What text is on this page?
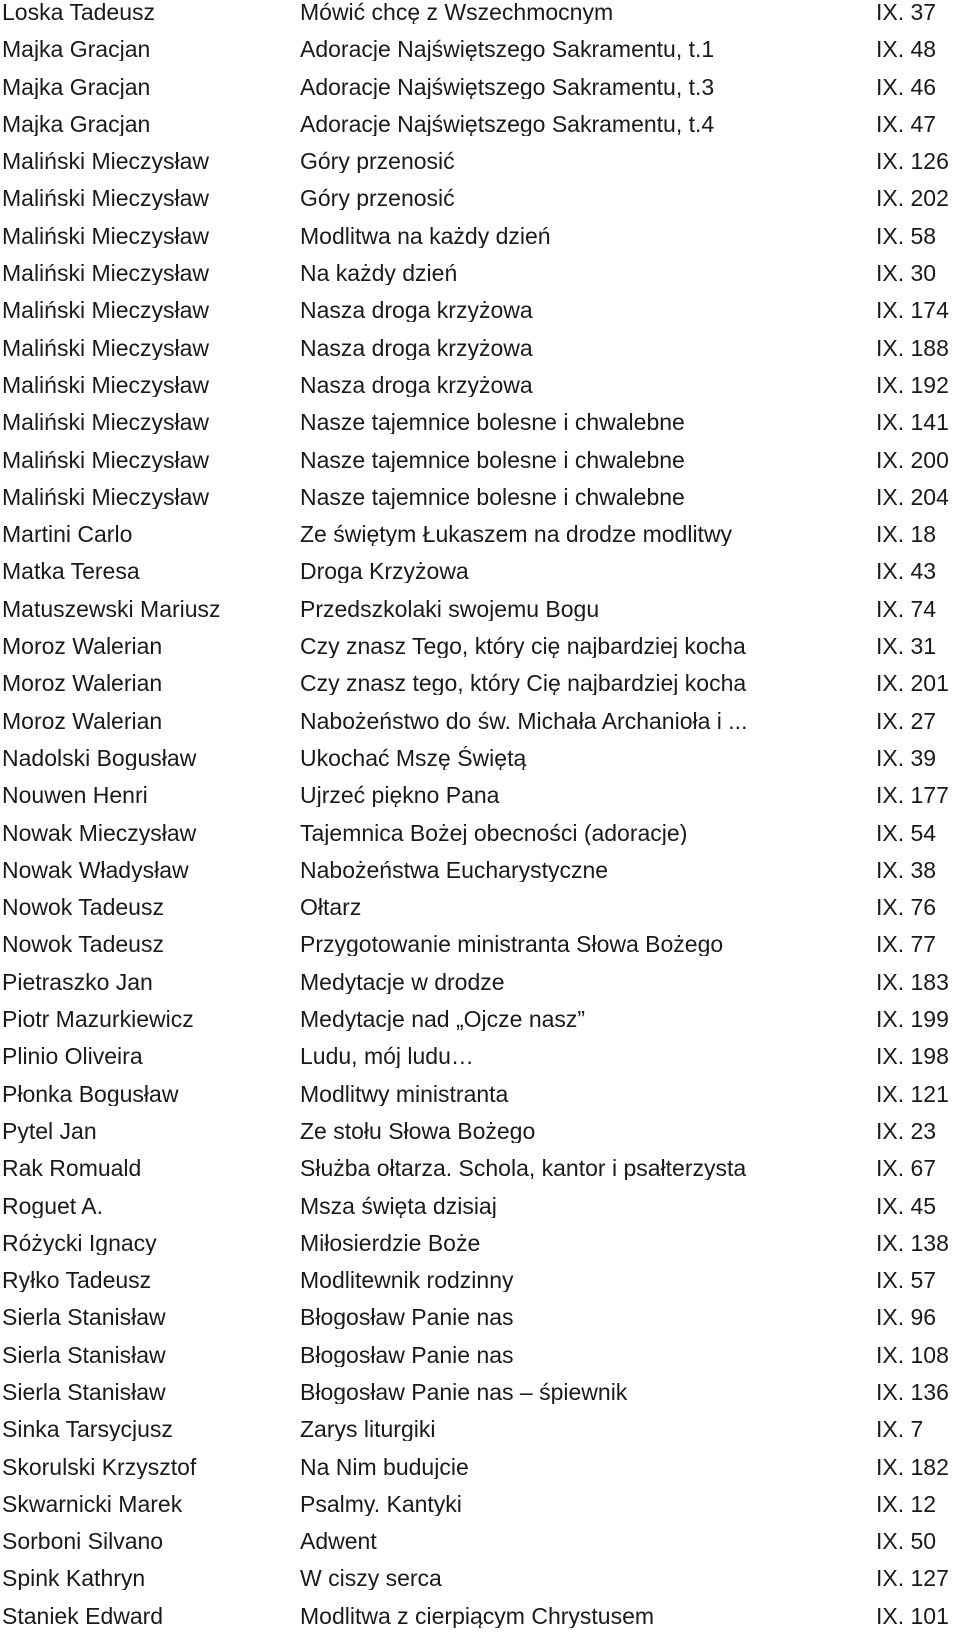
Loska Tadeusz	Mówić chcę z Wszechmocnym	IX. 37
Majka Gracjan	Adoracje Najświętszego Sakramentu, t.1	IX. 48
Majka Gracjan	Adoracje Najświętszego Sakramentu, t.3	IX. 46
Majka Gracjan	Adoracje Najświętszego Sakramentu, t.4	IX. 47
Maliński Mieczysław	Góry przenosić	IX. 126
Maliński Mieczysław	Góry przenosić	IX. 202
Maliński Mieczysław	Modlitwa na każdy dzień	IX. 58
Maliński Mieczysław	Na każdy dzień	IX. 30
Maliński Mieczysław	Nasza droga krzyżowa	IX. 174
Maliński Mieczysław	Nasza droga krzyżowa	IX. 188
Maliński Mieczysław	Nasza droga krzyżowa	IX. 192
Maliński Mieczysław	Nasze tajemnice bolesne i chwalebne	IX. 141
Maliński Mieczysław	Nasze tajemnice bolesne i chwalebne	IX. 200
Maliński Mieczysław	Nasze tajemnice bolesne i chwalebne	IX. 204
Martini Carlo	Ze świętym Łukaszem na drodze modlitwy	IX. 18
Matka Teresa	Droga Krzyżowa	IX. 43
Matuszewski Mariusz	Przedszkolaki swojemu Bogu	IX. 74
Moroz Walerian	Czy znasz Tego, który cię najbardziej kocha	IX. 31
Moroz Walerian	Czy znasz tego, który Cię najbardziej kocha	IX. 201
Moroz Walerian	Nabożeństwo do św. Michała Archanioła i ...	IX. 27
Nadolski Bogusław	Ukochać Mszę Świętą	IX. 39
Nouwen Henri	Ujrzeć piękno Pana	IX. 177
Nowak Mieczysław	Tajemnica Bożej obecności (adoracje)	IX. 54
Nowak Władysław	Nabożeństwa Eucharystyczne	IX. 38
Nowok Tadeusz	Ołtarz	IX. 76
Nowok Tadeusz	Przygotowanie ministranta Słowa Bożego	IX. 77
Pietraszko Jan	Medytacje w drodze	IX. 183
Piotr Mazurkiewicz	Medytacje nad „Ojcze nasz”	IX. 199
Plinio Oliveira	Ludu, mój ludu…	IX. 198
Płonka Bogusław	Modlitwy ministranta	IX. 121
Pytel Jan	Ze stołu Słowa Bożego	IX. 23
Rak Romuald	Służba ołtarza. Schola, kantor i psałterzysta	IX. 67
Roguet A.	Msza święta dzisiaj	IX. 45
Różycki Ignacy	Miłosierdzie Boże	IX. 138
Ryłko Tadeusz	Modlitewnik rodzinny	IX. 57
Sierla Stanisław	Błogosław Panie nas	IX. 96
Sierla Stanisław	Błogosław Panie nas	IX. 108
Sierla Stanisław	Błogosław Panie nas – śpiewnik	IX. 136
Sinka Tarsycjusz	Zarys liturgiki	IX. 7
Skorulski Krzysztof	Na Nim budujcie	IX. 182
Skwarnicki Marek	Psalmy. Kantyki	IX. 12
Sorboni Silvano	Adwent	IX. 50
Spink Kathryn	W ciszy serca	IX. 127
Staniek Edward	Modlitwa z cierpiącym Chrystusem	IX. 101
